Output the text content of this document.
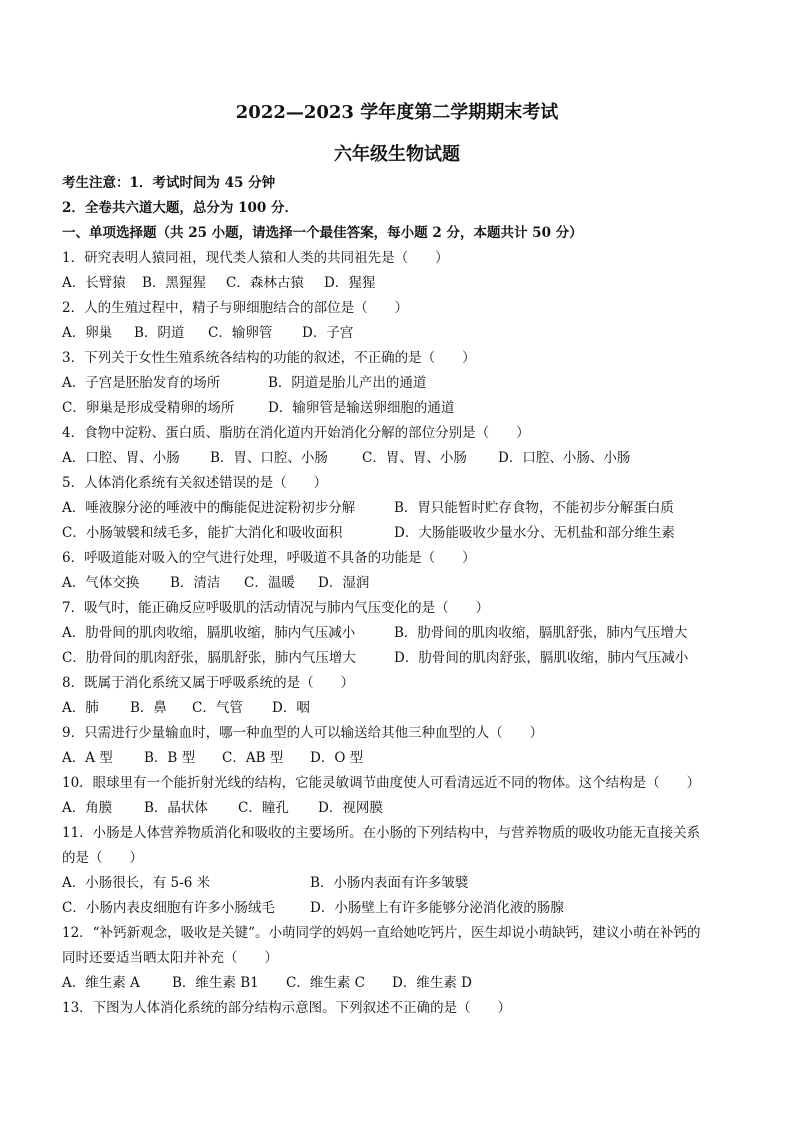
2022—2023 学年度第二学期期末考试
六年级生物试题
考生注意：1．考试时间为 45 分钟
2．全卷共六道大题，总分为 100 分．
一、单项选择题（共 25 小题，请选择一个最佳答案，每小题 2 分，本题共计 50 分）
1．研究表明人猿同祖，现代类人猿和人类的共同祖先是（　　）
A．长臂猿 B．黑猩猩 C．森林古猿 D．猩猩
2．人的生殖过程中，精子与卵细胞结合的部位是（　　）
A．卵巢 B．阴道 C．输卵管 D．子宫
3．下列关于女性生殖系统各结构的功能的叙述，不正确的是（　　）
A．子宫是胚胎发育的场所	B．阴道是胎儿产出的通道
C．卵巢是形成受精卵的场所 D．输卵管是输送卵细胞的通道
4．食物中淀粉、蛋白质、脂肪在消化道内开始消化分解的部位分别是（　　）
A．口腔、胃、小肠 B．胃、口腔、小肠	C．胃、胃、小肠 D．口腔、小肠、小肠
5．人体消化系统有关叙述错误的是（　　）
A．唾液腺分泌的唾液中的酶能促进淀粉初步分解	B．胃只能暂时贮存食物，不能初步分解蛋白质
C．小肠皱襞和绒毛多，能扩大消化和吸收面积	D．大肠能吸收少量水分、无机盐和部分维生素
6．呼吸道能对吸入的空气进行处理，呼吸道不具备的功能是（　　）
A．气体交换 B．清洁 C．温暖 D．湿润
7．吸气时，能正确反应呼吸肌的活动情况与肺内气压变化的是（　　）
A．肋骨间的肌肉收缩，膈肌收缩，肺内气压减小	B．肋骨间的肌肉收缩，膈肌舒张，肺内气压增大
C．肋骨间的肌肉舒张，膈肌舒张，肺内气压增大	D．肋骨间的肌肉舒张，膈肌收缩，肺内气压减小
8．既属于消化系统又属于呼吸系统的是（　　）
A．肺 B．鼻 C．气管 D．咽
9．只需进行少量输血时，哪一种血型的人可以输送给其他三种血型的人（　　）
A．A 型 B．B 型 C．AB 型 D．O 型
10．眼球里有一个能折射光线的结构，它能灵敏调节曲度使人可看清远近不同的物体。这个结构是（　　）
A．角膜 B．晶状体 C．瞳孔 D．视网膜
11．小肠是人体营养物质消化和吸收的主要场所。在小肠的下列结构中，与营养物质的吸收功能无直接关系
的是（　　）
A．小肠很长，有 5-6 米	B．小肠内表面有许多皱襞
C．小肠内表皮细胞有许多小肠绒毛	D．小肠壁上有许多能够分泌消化液的肠腺
12．“补钙新观念，吸收是关键”。小萌同学的妈妈一直给她吃钙片，医生却说小萌缺钙，建议小萌在补钙的
同时还要适当晒太阳并补充（　　）
A．维生素 A B．维生素 B1 C．维生素 C D．维生素 D
13．下图为人体消化系统的部分结构示意图。下列叙述不正确的是（　　）
